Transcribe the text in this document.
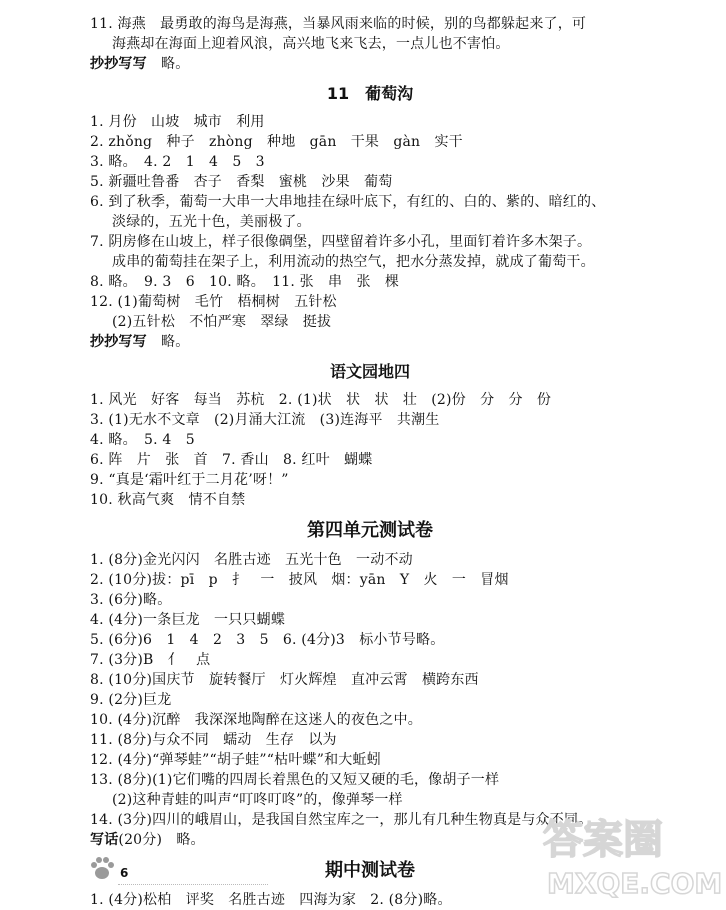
11. 海燕　最勇敢的海鸟是海燕，当暴风雨来临的时候，别的鸟都躲起来了，可
海燕却在海面上迎着风浪，高兴地飞来飞去，一点儿也不害怕。
抄抄写写　 略。
11　葡萄沟
1. 月份　山坡　城市　利用
2. zhǒng　种子　zhòng　种地　gān　干果　gàn　实干
3. 略。　4. 2　1　4　5　3
5. 新疆吐鲁番　杏子　香梨　蜜桃　沙果　葡萄
6. 到了秋季，葡萄一大串一大串地挂在绿叶底下，有红的、白的、紫的、暗红的、
淡绿的，五光十色，美丽极了。
7. 阴房修在山坡上，样子很像碉堡，四壁留着许多小孔，里面钉着许多木架子。
成串的葡萄挂在架子上，利用流动的热空气，把水分蒸发掉，就成了葡萄干。
8. 略。　9. 3　6　10. 略。　11. 张　串　张　棵
12. (1)葡萄树　毛竹　梧桐树　五针松
(2)五针松　不怕严寒　翠绿　挺拔
抄抄写写　 略。
语文园地四
1. 风光　好客　每当　苏杭　2. (1)状　状　状　壮　(2)份　分　分　份
3. (1)无水不文章　(2)月涌大江流　(3)连海平　共潮生
4. 略。　5. 4　5
6. 阵　片　张　首　7. 香山　8. 红叶　蝴蝶
9. “真是‘霜叶红于二月花’呀！”
10. 秋高气爽　情不自禁
第四单元测试卷
1. (8分)金光闪闪　名胜古迹　五光十色　一动不动
2. (10分)拔：pī　p　扌　一　披风　烟：yān　Y　火　一　冒烟
3. (6分)略。
4. (4分)一条巨龙　一只只蝴蝶
5. (6分)6　1　4　2　3　5　6. (4分)3　标小节号略。
7. (3分)B　亻　点
8. (10分)国庆节　旋转餐厅　灯火辉煌　直冲云霄　横跨东西
9. (2分)巨龙
10. (4分)沉醉　我深深地陶醉在这迷人的夜色之中。
11. (8分)与众不同　蠕动　生存　以为
12. (4分)“弹琴蛙”“胡子蛙”“枯叶蝶”和大蚯蚓
13. (8分)(1)它们嘴的四周长着黑色的又短又硬的毛，像胡子一样
(2)这种青蛙的叫声“叮咚叮咚”的，像弹琴一样
14. (3分)四川的峨眉山，是我国自然宝库之一，那儿有几种生物真是与众不同。
写话(20分)　略。
期中测试卷
1. (4分)松柏　评奖　名胜古迹　四海为家　2. (8分)略。
6
答案圈
MXQE.COM
